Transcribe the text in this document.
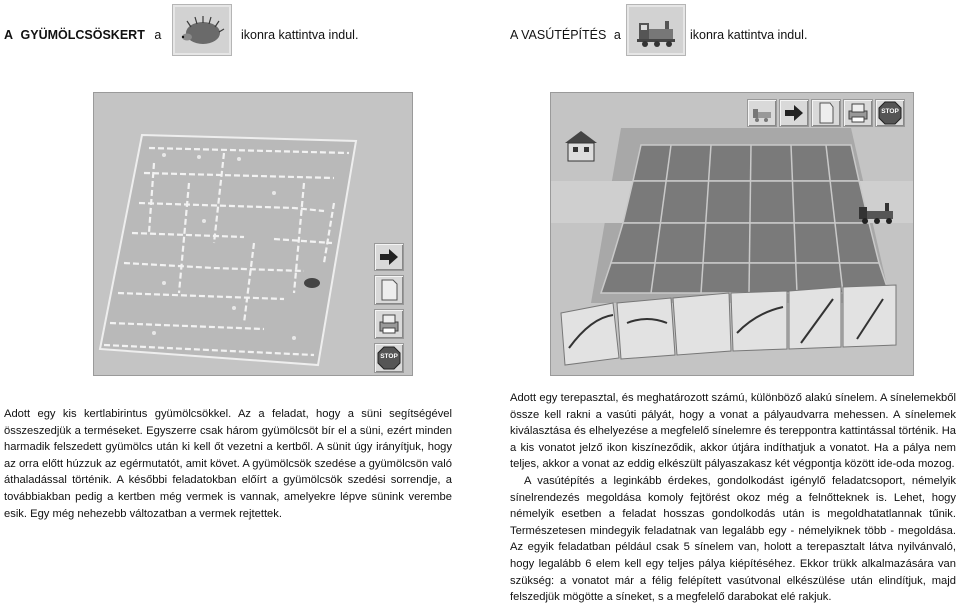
A GYÜMÖLCSÖSKERT a	ikonra kattintva indul.	A VASÚTÉPÍTÉS a	ikonra kattintva indul.
STOP
STOP

Adott egy kis kertlabirintus gyümölcsökkel. Az a feladat, hogy a süni segítségével összeszedjük a terméseket. Egyszerre csak három gyümölcsöt bír el a süni, ezért minden harmadik felszedett gyümölcs után ki kell őt vezetni a kertből. A sünit úgy irányítjuk, hogy az orra előtt húzzuk az egérmutatót, amit követ. A gyümölcsök szedése a gyümölcsön való áthaladással történik. A későbbi feladatokban előírt a gyümölcsök szedési sorrendje, a továbbiakban pedig a kertben még vermek is vannak, amelyekre lépve sünink verembe esik. Egy még nehezebb változatban a vermek rejtettek.

Adott egy terepasztal, és meghatározott számú, különböző alakú sínelem. A sínelemekből össze kell rakni a vasúti pályát, hogy a vonat a pályaudvarra mehessen. A sínelemek kiválasztása és elhelyezése a megfelelő sínelemre és tereppontra kattintással történik. Ha a kis vonatot jelző ikon kiszíneződik, akkor útjára indíthatjuk a vonatot. Ha a pálya nem teljes, akkor a vonat az eddig elkészült pályaszakasz két végpontja között ide-oda mozog.

A vasútépítés a leginkább érdekes, gondolkodást igénylő feladatcsoport, némelyik sínelrendezés megoldása komoly fejtörést okoz még a felnőtteknek is. Lehet, hogy némelyik esetben a feladat hosszas gondolkodás után is megoldhatatlannak tűnik. Természetesen mindegyik feladatnak van legalább egy - némelyiknek több - megoldása. Az egyik feladatban például csak 5 sínelem van, holott a terepasztalt látva nyilvánvaló, hogy legalább 6 elem kell egy teljes pálya kiépítéséhez. Ekkor trükk alkalmazására van szükség: a vonatot már a félig felépített vasútvonal elkészülése után elindítjuk, majd felszedjük mögötte a síneket, s a megfelelő darabokat elé rakjuk.
